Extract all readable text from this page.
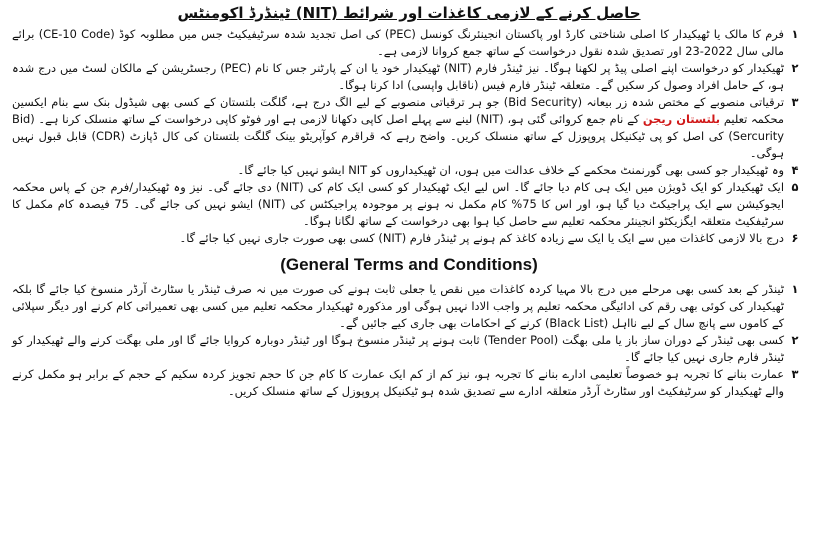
ٹینڈرڈ اکومنٹس (NIT) حاصل کرنے کے لازمی کاغذات اور شرائط
۱
فرم کا مالک یا ٹھیکیدار کا اصلی شناختی کارڈ اور پاکستان انجینئرنگ کونسل (PEC) کی اصل تجدید شدہ سرٹیفیکیٹ جس میں مطلوبہ کوڈ (CE-10 Code) برائے مالی سال 2022-23 اور تصدیق شدہ نقول درخواست کے ساتھ جمع کروانا لازمی ہے۔
۲
ٹھیکیدار کو درخواست اپنے اصلی پیڈ پر لکھنا ہوگا۔ نیز ٹینڈر فارم (NIT) ٹھیکیدار خود یا ان کے پارٹنر جس کا نام (PEC) رجسٹریشن کے مالکان لسٹ میں درج شدہ ہو، کے حامل افراد وصول کر سکیں گے۔ متعلقہ ٹینڈر فارم فیس (ناقابل واپسی) ادا کرنا ہوگا۔
۳
ترقیاتی منصوبے کے مختص شدہ زر بیعانہ (Bid Security) جو ہر ترقیاتی منصوبے کے لیے الگ درج ہے، گلگت بلتستان کے کسی بھی شیڈول بنک سے بنام ایکسین محکمہ تعلیم بلتستان ریجن کے نام جمع کروائی گئی ہو، (NIT) لینے سے پہلے اصل کاپی دکھانا لازمی ہے اور فوٹو کاپی درخواست کے ساتھ منسلک کرنا ہے۔ (Bid Sercurity) کی اصل کو پی ٹیکنیکل پروپوزل کے ساتھ منسلک کریں۔ واضح رہے کہ قراقرم کوآپریٹو بینک گلگت بلتستان کی کال ڈپازٹ (CDR) قابل قبول نہیں ہوگی۔
۴
وہ ٹھیکیدار جو کسی بھی گورنمنٹ محکمے کے خلاف عدالت میں ہوں، ان ٹھیکیداروں کو NIT ایشو نہیں کیا جائے گا۔
۵
ایک ٹھیکیدار کو ایک ڈویژن میں ایک ہی کام دیا جائے گا۔ اس لیے ایک ٹھیکیدار کو کسی ایک کام کی (NIT) دی جائے گی۔ نیز وہ ٹھیکیدار/فرم جن کے پاس محکمہ ایجوکیشن سے ایک پراجیکٹ دیا گیا ہو، اور اس کا 75% کام مکمل نہ ہونے پر موجودہ پراجیکٹس کی (NIT) ایشو نہیں کی جائے گی۔ 75 فیصدہ کام مکمل کا سرٹیفکیٹ متعلقہ ایگزیکٹو انجینئر محکمہ تعلیم سے حاصل کیا ہوا بھی درخواست کے ساتھ لگانا ہوگا۔
۶
درج بالا لازمی کاغذات میں سے ایک یا ایک سے زیادہ کاغذ کم ہونے پر ٹینڈر فارم (NIT) کسی بھی صورت جاری نہیں کیا جائے گا۔
(General Terms and Conditions)
۱
ٹینڈر کے بعد کسی بھی مرحلے میں درج بالا مہیا کردہ کاغذات میں نقص یا جعلی ثابت ہونے کی صورت میں نہ صرف ٹینڈر یا سٹارٹ آرڈر منسوخ کیا جائے گا بلکہ ٹھیکیدار کی کوئی بھی رقم کی ادائیگی محکمہ تعلیم پر واجب الادا نہیں ہوگی اور مذکورہ ٹھیکیدار محکمہ تعلیم میں کسی بھی تعمیراتی کام کرنے اور دیگر سپلائی کے کاموں سے پانچ سال کے لیے نااہل (Black List) کرنے کے احکامات بھی جاری کیے جائیں گے۔
۲
کسی بھی ٹینڈر کے دوران ساز باز یا ملی بھگت (Tender Pool) ثابت ہونے پر ٹینڈر منسوخ ہوگا اور ٹینڈر دوبارہ کروایا جائے گا اور ملی بھگت کرنے والے ٹھیکیدار کو ٹینڈر فارم جاری نہیں کیا جائے گا۔
۳
عمارت بنانے کا تجربہ ہو خصوصاً تعلیمی ادارے بنانے کا تجربہ ہو، نیز کم از کم ایک عمارت کا کام جن کا حجم تجویز کردہ سکیم کے حجم کے برابر ہو مکمل کرنے والے ٹھیکیدار کو سرٹیفکیٹ اور سٹارٹ آرڈر متعلقہ ادارے سے تصدیق شدہ ہو ٹیکنیکل پروپوزل کے ساتھ منسلک کریں۔
